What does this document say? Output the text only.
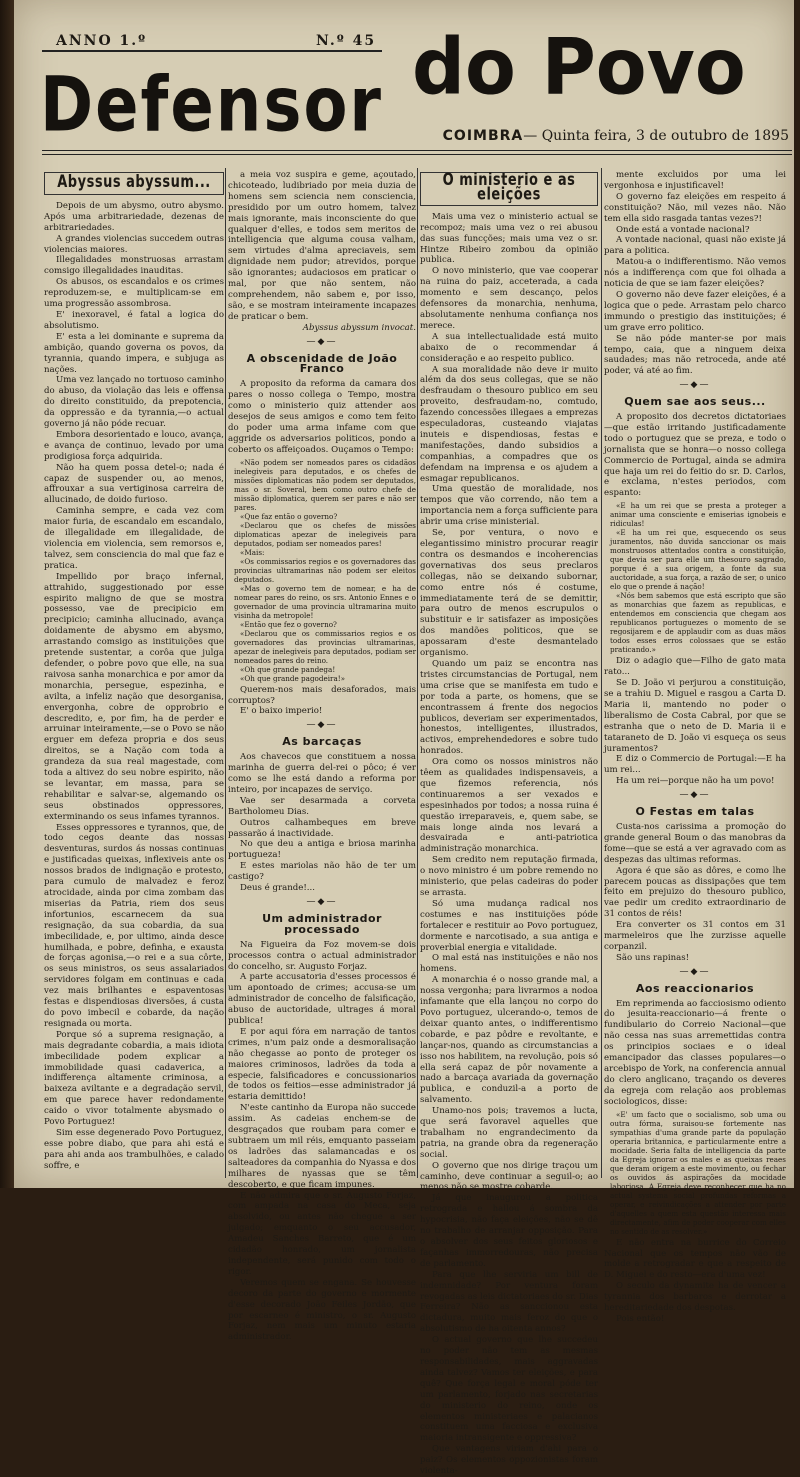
ANNO 1.º	N.º 45
Defensor do Povo
COIMBRA— Quinta feira, 3 de outubro de 1895
Abyssus abyssum...

Depois de um abysmo, outro abysmo. Após uma arbitrariedade, dezenas de arbitrariedades.

A grandes violencias succedem outras violencias maiores.

Illegalidades monstruosas arrastam comsigo illegalidades inauditas.

Os abusos, os escandalos e os crimes reproduzem-se, e multiplicam-se em uma progressão assombrosa.

E' inexoravel, é fatal a logica do absolutismo.

E' esta a lei dominante e suprema da ambição, quando governa os povos, da tyrannia, quando impera, e subjuga as nações.

Uma vez lançado no tortuoso caminho do abuso, da violação das leis e offensa do direito constituido, da prepotencia, da oppressão e da tyrannia,—o actual governo já não póde recuar.

Embora desorientado e louco, avança, e avança de continuo, levado por uma prodigiosa força adquirida.

Não ha quem possa detel-o; nada é capaz de suspender ou, ao menos, affrouxar a sua vertiginosa carreira de allucinado, de doido furioso.

Caminha sempre, e cada vez com maior furia, de escandalo em escandalo, de illegalidade em illegalidade, de violencia em violencia, sem remorsos e, talvez, sem consciencia do mal que faz e pratica.

Impellido por braço infernal, attrahido, suggestionado por esse espirito maligno de que se mostra possesso, vae de precipicio em precipicio; caminha allucinado, avança doidamente de abysmo em abysmo, arrastando comsigo as instituições que pretende sustentar, a corôa que julga defender, o pobre povo que elle, na sua raivosa sanha monarchica e por amor da monarchia, persegue, espezinha, e avilta, a infeliz nação que desorganisa, envergonha, cobre de opprobrio e descredito, e, por fim, ha de perder e arruinar inteiramente,—se o Povo se não erguer em defeza propria e dos seus direitos, se a Nação com toda a grandeza da sua real magestade, com toda a altivez do seu nobre espirito, não se levantar, em massa, para se rehabilitar e salvar-se, algemando os seus obstinados oppressores, exterminando os seus infames tyrannos.

Esses oppressores e tyrannos, que, de todo cegos deante das nossas desventuras, surdos ás nossas continuas e justificadas queixas, inflexiveis ante os nossos brados de indignação e protesto, para cumulo de malvadez e feroz atrocidade, ainda por cima zombam das miserias da Patria, riem dos seus infortunios, escarnecem da sua resignação, da sua cobardia, da sua imbecilidade, e, por ultimo, ainda desce humilhada, e pobre, definha, e exausta de forças agonisa,—o rei e a sua côrte, os seus ministros, os seus assalariados servidores folgam em continuas e cada vez mais brilhantes e espaventosas festas e dispendiosas diversões, á custa do povo imbecil e cobarde, da nação resignada ou morta.

Porque só a suprema resignação, a mais degradante cobardia, a mais idiota imbecilidade podem explicar a immobilidade quasi cadaverica, a indifferença altamente criminosa, a baixeza aviltante e a degradação servil, em que parece haver redondamente caido o vivor totalmente abysmado o Povo Portuguez!

Sim esse degenerado Povo Portuguez, esse pobre diabo, que para ahi está e para ahi anda aos trambulhões, e calado soffre, e

a meia voz suspira e geme, açoutado, chicoteado, ludibriado por meia duzia de homens sem sciencia nem consciencia, presidido por um outro homem, talvez mais ignorante, mais inconsciente do que qualquer d'elles, e todos sem meritos de intelligencia que alguma cousa valham, sem virtudes d'alma apreciaveis, sem dignidade nem pudor; atrevidos, porque são ignorantes; audaciosos em praticar o mal, por que não sentem, não comprehendem, não sabem e, por isso, são, e se mostram inteiramente incapazes de praticar o bem.

Abyssus abyssum invocat.
—◆—
A obscenidade de João Franco

A proposito da reforma da camara dos pares o nosso collega o Tempo, mostra como o ministerio quiz attender aos desejos de seus amigos e como tem feito do poder uma arma infame com que aggride os adversarios politicos, pondo a coberto os affeiçoados. Ouçamos o Tempo:

«Não podem ser nomeados pares os cidadãos inelegiveis para deputados, e os chefes de missões diplomaticas não podem ser deputados, mas o sr. Soveral, bem como outro chefe de missão diplomatica, querem ser pares e não ser pares.

«Que faz então o governo?

«Declarou que os chefes de missões diplomaticas apezar de inelegiveis para deputados, podiam ser nomeados pares!

«Mais:

«Os commissarios regios e os governadores das provincias ultramarinas não podem ser eleitos deputados.

«Mas o governo tem de nomear, e ha de nomear pares do reino, os srs. Antonio Ennes e o governador de uma provincia ultramarina muito visinha da metropole!

«Então que fez o governo?

«Declarou que os commissarios regios e os governadores das provincias ultramarinas, apezar de inelegiveis para deputados, podiam ser nomeados pares do reino.

«Oh que grande pandega!

«Oh que grande pagodeira!»

Querem-nos mais desaforados, mais corruptos?

E' o baixo imperio!

—◆—
As barcaças

Aos chavecos que constituem a nossa marinha de guerra del-rei o pôco; é ver como se lhe está dando a reforma por inteiro, por incapazes de serviço.

Vae ser desarmada a corveta Bartholomeu Dias.

Outros calhambeques em breve passarão á inactividade.

No que deu a antiga e briosa marinha portugueza!

E estes mariolas não hão de ter um castigo?

Deus é grande!...

—◆—
Um administrador processado

Na Figueira da Foz movem-se dois processos contra o actual administrador do concelho, sr. Augusto Forjaz.

A parte accusatoria d'esses processos é um apontoado de crimes; accusa-se um administrador de concelho de falsificação, abuso de auctoridade, ultrages á moral publica!

E por aqui fóra em narração de tantos crimes, n'um paiz onde a desmoralisação não chegasse ao ponto de proteger os maiores criminosos, ladrões da toda a especie, falsificadores e concussionarios de todos os feitios—esse administrador já estaria demittido!

N'este cantinho da Europa não succede assim. As cadeias enchem-se de desgraçados que roubam para comer e subtraem um mil réis, emquanto passeiam os ladrões das salamancadas e os salteadores da companhia do Nyassa e dos milhares de nyassas que se têm descoberto, e que ficam impunes.

E não admira que o sr. Augusto Forjaz, com ampada na casa do Meca, seja absolvido, ou antes não chegue a ser julgado; emquanto o seu accusador, Amadeu Sanches Barreto, que é um cidadão honrado, um jornalista independente, será punido com todo o rigor.

Veremos quem se engana. Se houvesse decoro da parte do governo e mormente d'esse decorado João Feiles Jordão, que por escarneo é ministro, o sr. Augusto Forjaz, nem mais um minuto estaria administrador.

O ministerio e as eleições

Mais uma vez o ministerio actual se recompoz; mais uma vez o rei abusou das suas funcções; mais uma vez o sr. Hintze Ribeiro zombou da opinião publica.

O novo ministerio, que vae cooperar na ruina do paiz, acceterada, a cada momento e sem descanço, pelos defensores da monarchia, nenhuma, absolutamente nenhuma confiança nos merece.

A sua intellectualidade está muito abaixo de o recommendar á consideração e ao respeito publico.

A sua moralidade não deve ir muito além da dos seus collegas, que se não desfraudam o thesouro publico em seu proveito, desfraudam-no, comtudo, fazendo concessões illegaes a emprezas especuladoras, custeando viajatas inuteis e dispendiosas, festas e manifestações, dando subsidios a companhias, a compadres que os defendam na imprensa e os ajudem a esmagar republicanos.

Uma questão de moralidade, nos tempos que vão correndo, não tem a importancia nem a força sufficiente para abrir uma crise ministerial.

Se, por ventura, o novo e elegantissimo ministro procurar reagir contra os desmandos e incoherencias governativas dos seus preclaros collegas, não se deixando subornar, como entre nós é costume, immediatamente terá de se demittir, para outro de menos escrupulos o substituir e ir satisfazer as imposições dos mandões politicos, que se apossaram d'este desmantelado organismo.

Quando um paiz se encontra nas tristes circumstancias de Portugal, nem uma crise que se manifesta em tudo e por toda a parte, os homens, que se encontrassem á frente dos negocios publicos, deveriam ser experimentados, honestos, intelligentes, illustrados, activos, emprehendedores e sobre tudo honrados.

Ora como os nossos ministros não têem as qualidades indispensaveis, a que fizemos referencia, nós continuaremos a ser vexados e espesinhados por todos; a nossa ruina é questão irreparaveis, e, quem sabe, se mais longe ainda nos levará a desvairada e anti-patriotica administração monarchica.

Sem credito nem reputação firmada, o novo ministro é um pobre remendo no ministerio, que pelas cadeiras do poder se arrasta.

Só uma mudança radical nos costumes e nas instituições póde fortalecer e restituir ao Povo portuguez, dormente e narcotisado, a sua antiga e proverbial energia e vitalidade.

O mal está nas instituições e não nos homens.

A monarchia é o nosso grande mal, a nossa vergonha; para livrarmos a nodoa infamante que ella lançou no corpo do Povo portuguez, ulcerando-o, temos de deixar quanto antes, o indifferentismo cobarde, e paz pôdre e revoltante, e lançar-nos, quando as circumstancias a isso nos habilitem, na revolução, pois só ella será capaz de pôr novamente a nado a barcaça avariada da governação publica, e conduzil-a a porto de salvamento.

Unamo-nos pois; travemos a lucta, que será favoravel aquelles que trabalham no engrandecimento da patria, na grande obra da regeneração social.

O governo que nos dirige traçou um caminho, deve continuar a seguil-o; ao menos não se mostre cobarde.

Já que inaugurou a politica retrograda e hallou á sombra da hypocrisia, não faça eleições, não se dê no trabalho de arranjar opposição. Para o absolver dos seus feitos gloriosos e façanhas immorredouras, não precisa de parlamento.

Para que lhe serviria um bill de indemnidade? Por ventura foram revogadas as leis dictatoriaes do sr. Dias Ferreira? Não as sanccionou esta dictadura, muito mais feroz do que o absolutismo de ha oitenta annos?

O actual governo que lhe succedeu no poder não tem as mesmas responsabilidades, mais aggravadas ainda talvez? Vamos ter eleições, e para quê? Que força legal e moral póde ter um parlamento, forjado nas secretarias do ministerio do reino, onde os elementos ministeriaes e palacianos constituem uma facciosa e exclusiva maioria intransigente e oppressiva?

Que vantagens viriam d'ahi para o paiz? Os elementos oppozionistas foram violenta-

mente excluidos por uma lei vergonhosa e injustificavel!

O governo faz eleições em respeito á constituição? Não, mil vezes não. Não tem ella sido rasgada tantas vezes?!

Onde está a vontade nacional?

A vontade nacional, quasi não existe já para a politica.

Matou-a o indifferentismo. Não vemos nós a indifferença com que foi olhada a noticia de que se iam fazer eleições?

O governo não deve fazer eleições, é a logica que o pede. Arrastam pelo charco immundo o prestigio das instituições; é um grave erro politico.

Se não póde manter-se por mais tempo, caia, que a ninguem deixa saudades; mas não retroceda, ande até poder, vá até ao fim.

—◆—
Quem sae aos seus...

A proposito dos decretos dictatoriaes—que estão irritando justificadamente todo o portuguez que se preza, e todo o jornalista que se honra—o nosso collega Commercio de Portugal, ainda se admira que haja um rei do feitio do sr. D. Carlos, e exclama, n'estes periodos, com espanto:

«E ha um rei que se presta a proteger a animar uma consciente e emiserias ignobeis e ridiculas!

«E ha um rei que, esquecendo os seus juramentos, não duvida sanccionar os mais monstruosos attentados contra a constituição, que devia ser para elle um thesouro sagrado, porque é a sua origem, a fonte da sua auctoridade, a sua força, a razão de ser, o unico elo que o prende á nação!

«Nós bem sabemos que está escripto que são as monarchias que fazem as republicas, e entendemos em consciencia que chegam aos republicanos portuguezes o momento de se regosijarem e de applaudir com as duas mãos todos esses erros colossaes que se estão praticando.»

Diz o adagio que—Filho de gato mata rato...

Se D. João vi perjurou a constituição, se a trahiu D. Miguel e rasgou a Carta D. Maria ii, mantendo no poder o liberalismo de Costa Cabral, por que se estranha que o neto de D. Maria ii e tataraneto de D. João vi esqueça os seus juramentos?

E diz o Commercio de Portugal:—E ha um rei...

Ha um rei—porque não ha um povo!

—◆—
O Festas em talas

Custa-nos carissima a promoção do grande general Boum o das manobras da fome—que se está a ver agravado com as despezas das ultimas reformas.

Agora é que são as dôres, e como lhe parecem poucas as dissipações que tem feito em prejuizo do thesouro publico, vae pedir um credito extraordinario de 31 contos de réis!

Era converter os 31 contos em 31 marmeleiros que lhe zurzisse aquelle corpanzil.

São uns rapinas!

—◆—
Aos reaccionarios

Em reprimenda ao facciosismo odiento do jesuita-reaccionario—á frente o fundibulario do Correio Nacional—que não cessa nas suas arremettidas contra os principios sociaes e o ideal emancipador das classes populares—o arcebispo de York, na conferencia annual do clero anglicano, traçando os deveres da egreja com relação aos problemas sociologicos, disse:

«E' um facto que o socialismo, sob uma ou outra fórma, suraisou-se fortemente nas sympathias d'uma grande parte da população operaria britannica, e particularmente entre a mocidade. Seria falta de intelligencia da parte da Egreja ignorar os males e as queixas reaes que deram origem a este movimento, ou fechar os ouvidos ás aspirações da mocidade laboriosa. A Egreja deve reconhecer que ha no actual systema social profundas reformas a operar, e reivindicações a attender por parte d'aquelles a quem esta questão interessa mais directamente, afim de poder cooperar com elles no sentido de as resolver.»

E não entra na burrice do Correio Nacional que os tempos não vão de molde a retrogradar e que a respeito de D. Miguel e do resto—era d'uma vez!

O seculo da dynamite ha de vencer a tyrannia dos barbaros e derrotar a hereditariedade dos despotas.

Pois então!
